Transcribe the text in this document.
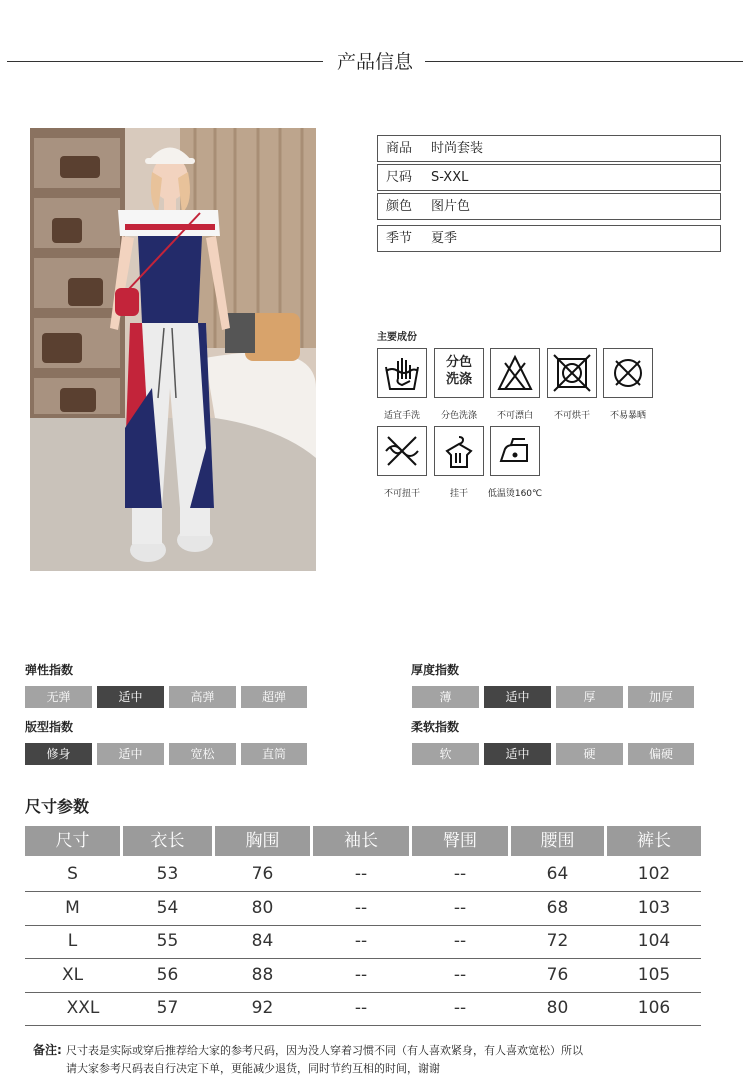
产品信息
商品 时尚套装
尺码 S-XXL
颜色 图片色
季节 夏季
主要成份
分色
洗涤
适宜手洗	分色洗涤	不可漂白	不可烘干	不易暴晒
不可扭干	挂干	低温烫160℃
弹性指数
无弹	适中	高弹	超弹
厚度指数
薄	适中	厚	加厚
版型指数
修身	适中	宽松	直筒
柔软指数
软	适中	硬	偏硬
尺寸参数
尺寸	衣长	胸围	袖长	臀围	腰围	裤长
S	53	76	--	--	64	102
M	54	80	--	--	68	103
L	55	84	--	--	72	104
XL	56	88	--	--	76	105
XXL	57	92	--	--	80	106
备注: 尺寸表是实际或穿后推荐给大家的参考尺码，因为没人穿着习惯不同（有人喜欢紧身，有人喜欢宽松）所以
请大家参考尺码表自行决定下单，更能减少退货，同时节约互相的时间，谢谢
